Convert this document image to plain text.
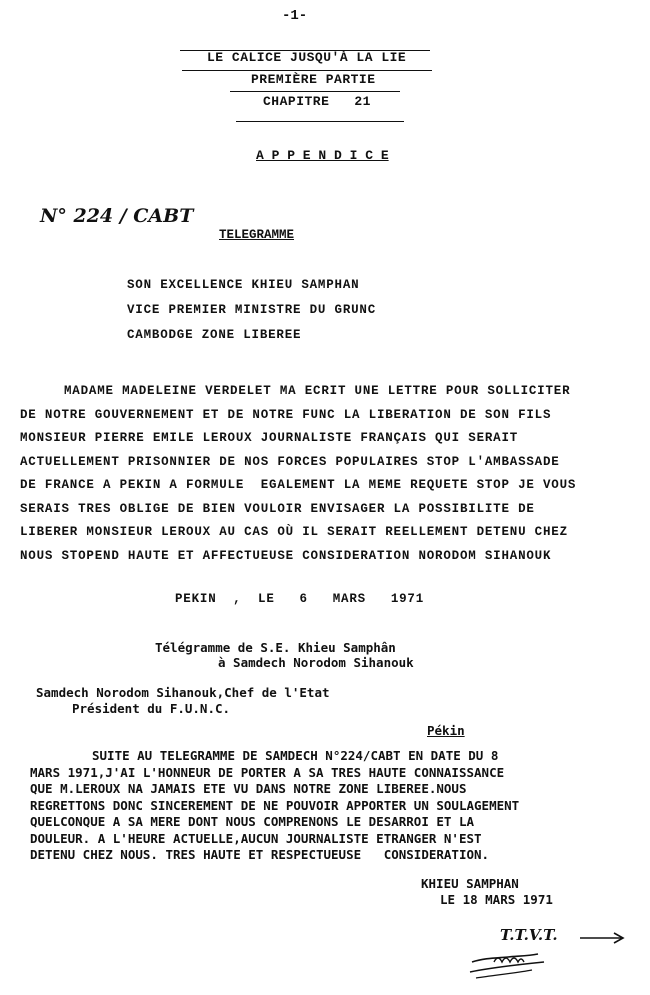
-1-
LE CALICE JUSQU'À LA LIE
PREMIÈRE PARTIE
CHAPITRE   21
A P P E N D I C E
N° 224 / CABT
TELEGRAMME
SON EXCELLENCE KHIEU SAMPHAN
VICE PREMIER MINISTRE DU GRUNC
CAMBODGE ZONE LIBEREE
MADAME MADELEINE VERDELET MA ECRIT UNE LETTRE POUR SOLLICITER
DE NOTRE GOUVERNEMENT ET DE NOTRE FUNC LA LIBERATION DE SON FILS
MONSIEUR PIERRE EMILE LEROUX JOURNALISTE FRANÇAIS QUI SERAIT
ACTUELLEMENT PRISONNIER DE NOS FORCES POPULAIRES STOP L'AMBASSADE
DE FRANCE A PEKIN A FORMULE  EGALEMENT LA MEME REQUETE STOP JE VOUS
SERAIS TRES OBLIGE DE BIEN VOULOIR ENVISAGER LA POSSIBILITE DE
LIBERER MONSIEUR LEROUX AU CAS OÙ IL SERAIT REELLEMENT DETENU CHEZ
NOUS STOPEND HAUTE ET AFFECTUEUSE CONSIDERATION NORODOM SIHANOUK
PEKIN  ,  LE   6   MARS   1971
Télégramme de S.E. Khieu Samphân
à Samdech Norodom Sihanouk
Samdech Norodom Sihanouk,Chef de l'Etat
Président du F.U.N.C.
Pékin
SUITE AU TELEGRAMME DE SAMDECH N°224/CABT EN DATE DU 8
MARS 1971,J'AI L'HONNEUR DE PORTER A SA TRES HAUTE CONNAISSANCE
QUE M.LEROUX NA JAMAIS ETE VU DANS NOTRE ZONE LIBEREE.NOUS
REGRETTONS DONC SINCEREMENT DE NE POUVOIR APPORTER UN SOULAGEMENT
QUELCONQUE A SA MERE DONT NOUS COMPRENONS LE DESARROI ET LA
DOULEUR. A L'HEURE ACTUELLE,AUCUN JOURNALISTE ETRANGER N'EST
DETENU CHEZ NOUS. TRES HAUTE ET RESPECTUEUSE   CONSIDERATION.
KHIEU SAMPHAN
LE 18 MARS 1971
T.T.V.T.
